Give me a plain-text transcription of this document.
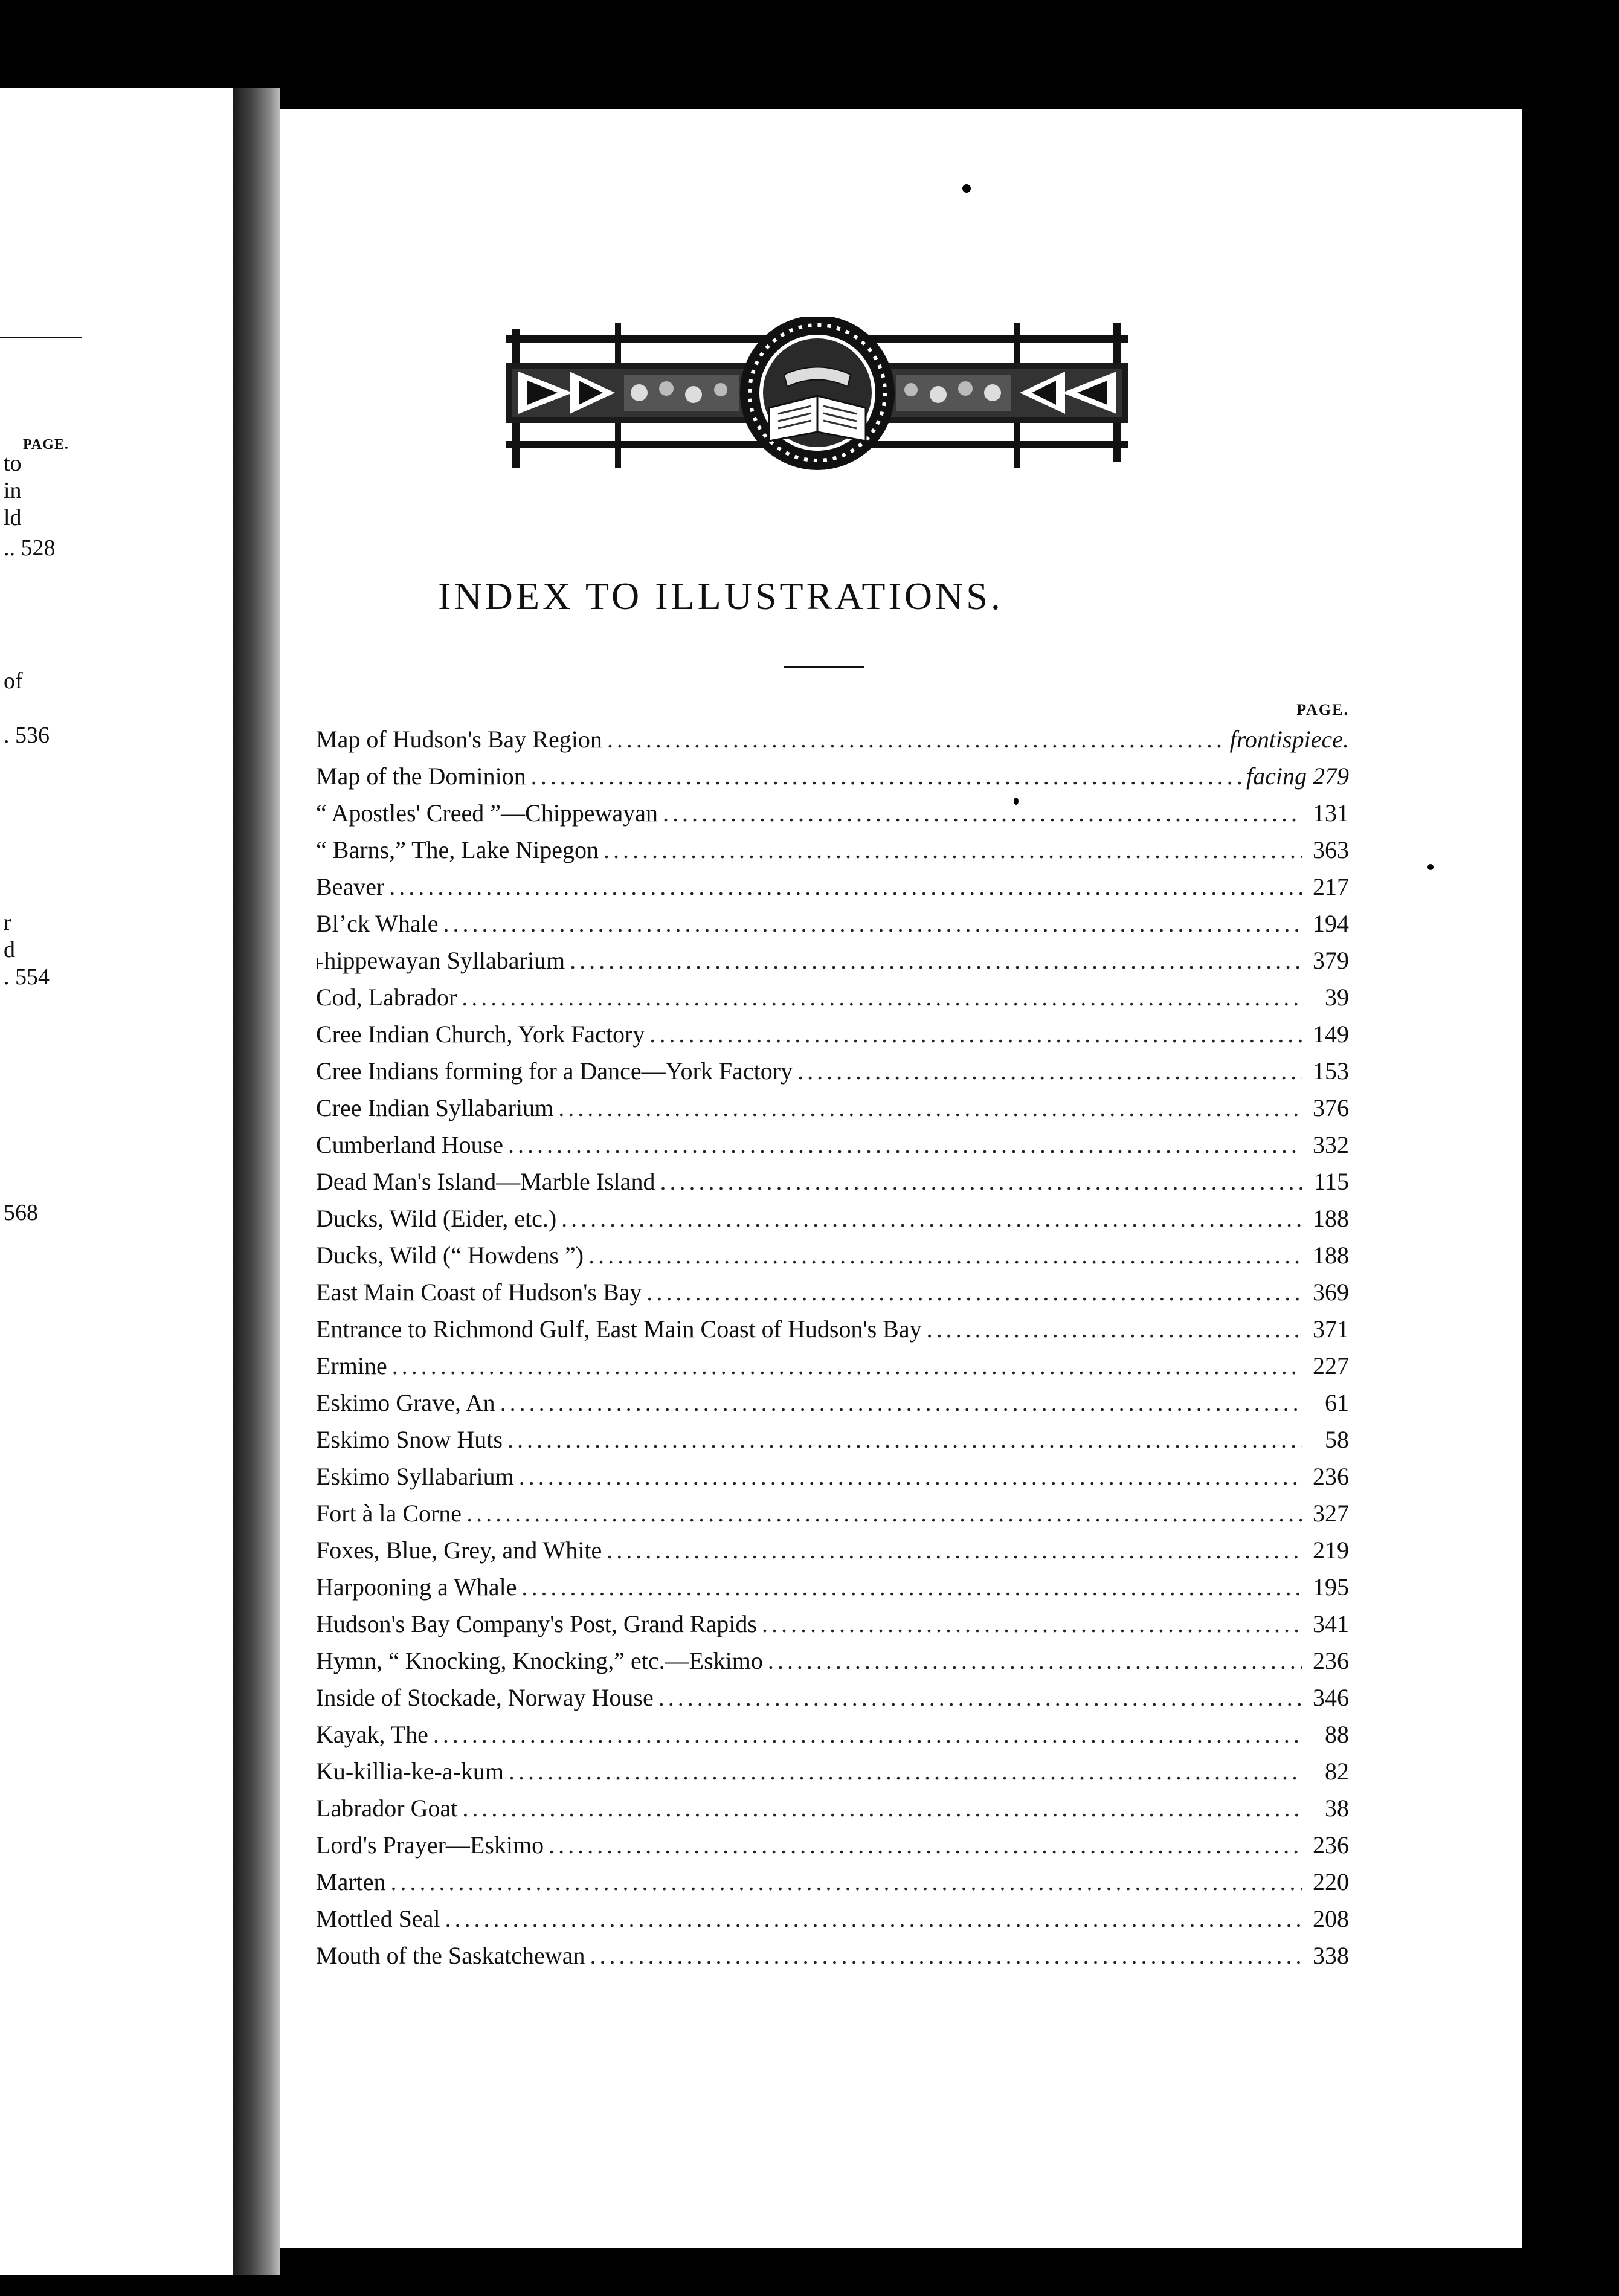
PAGE.
to
in
ld
.. 528
of
. 536
r
d
. 554
568
INDEX TO ILLUSTRATIONS.
PAGE.
Map of Hudson's Bay Region .....	frontispiece.
Map of the Dominion .....	facing 279
“ Apostles' Creed ”—Chippewayan .....	131
“ Barns,” The, Lake Nipegon .....	363
Beaver .....	217
Blʼck Whale .....	194
˫hippewayan Syllabarium .....	379
Cod, Labrador .....	39
Cree Indian Church, York Factory .....	149
Cree Indians forming for a Dance—York Factory .....	153
Cree Indian Syllabarium .....	376
Cumberland House .....	332
Dead Man's Island—Marble Island .....	115
Ducks, Wild (Eider, etc.) .....	188
Ducks, Wild (“ Howdens ”) .....	188
East Main Coast of Hudson's Bay .....	369
Entrance to Richmond Gulf, East Main Coast of Hudson's Bay .....	371
Ermine .....	227
Eskimo Grave, An .....	61
Eskimo Snow Huts .....	58
Eskimo Syllabarium .....	236
Fort à la Corne .....	327
Foxes, Blue, Grey, and White .....	219
Harpooning a Whale .....	195
Hudson's Bay Company's Post, Grand Rapids .....	341
Hymn, “ Knocking, Knocking,” etc.—Eskimo .....	236
Inside of Stockade, Norway House .....	346
Kayak, The .....	88
Ku-killia-ke-a-kum .....	82
Labrador Goat .....	38
Lord's Prayer—Eskimo .....	236
Marten .....	220
Mottled Seal .....	208
Mouth of the Saskatchewan .....	338
